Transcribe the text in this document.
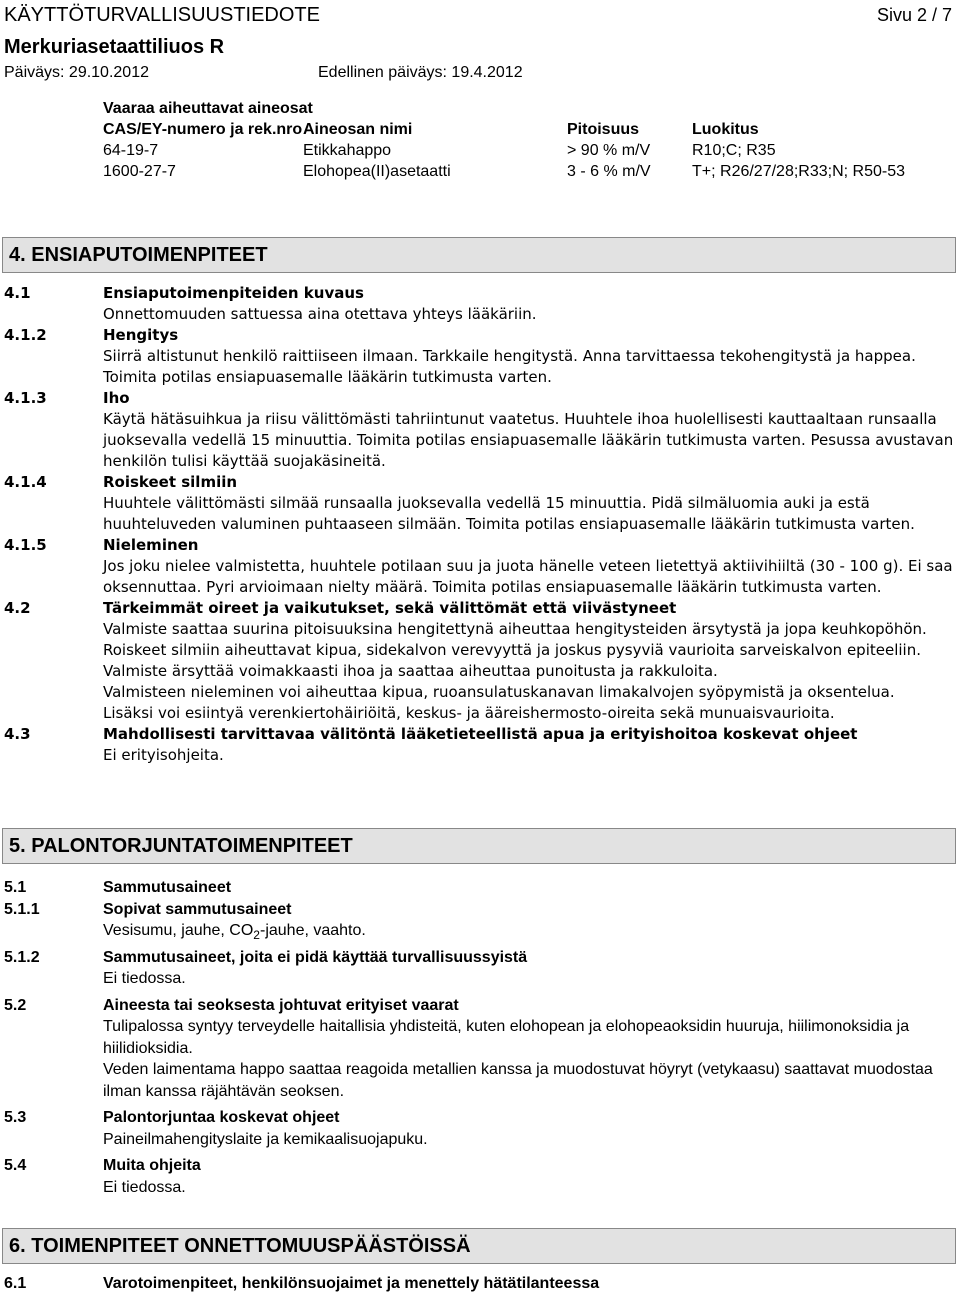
KÄYTTÖTURVALLISUUSTIEDOTE	Sivu 2 / 7
Merkuriasetaattiliuos R
Päiväys: 29.10.2012	Edellinen päiväys: 19.4.2012
Vaaraa aiheuttavat aineosat
CAS/EY-numero ja rek.nro	Aineosan nimi	Pitoisuus	Luokitus
64-19-7	Etikkahappo	> 90 % m/V	R10;C; R35
1600-27-7	Elohopea(II)asetaatti	3 - 6 % m/V	T+; R26/27/28;R33;N; R50-53
4. ENSIAPUTOIMENPITEET
4.1	Ensiaputoimenpiteiden kuvaus
Onnettomuuden sattuessa aina otettava yhteys lääkäriin.
4.1.2	Hengitys
Siirrä altistunut henkilö raittiiseen ilmaan. Tarkkaile hengitystä. Anna tarvittaessa tekohengitystä ja happea. Toimita potilas ensiapuasemalle lääkärin tutkimusta varten.
4.1.3	Iho
Käytä hätäsuihkua ja riisu välittömästi tahriintunut vaatetus. Huuhtele ihoa huolellisesti kauttaaltaan runsaalla juoksevalla vedellä 15 minuuttia. Toimita potilas ensiapuasemalle lääkärin tutkimusta varten. Pesussa avustavan henkilön tulisi käyttää suojakäsineitä.
4.1.4	Roiskeet silmiin
Huuhtele välittömästi silmää runsaalla juoksevalla vedellä 15 minuuttia. Pidä silmäluomia auki ja estä huuhteluveden valuminen puhtaaseen silmään. Toimita potilas ensiapuasemalle lääkärin tutkimusta varten.
4.1.5	Nieleminen
Jos joku nielee valmistetta, huuhtele potilaan suu ja juota hänelle veteen lietettyä aktiivihiiltä (30 - 100 g). Ei saa oksennuttaa. Pyri arvioimaan nielty määrä. Toimita potilas ensiapuasemalle lääkärin tutkimusta varten.
4.2	Tärkeimmät oireet ja vaikutukset, sekä välittömät että viivästyneet
Valmiste saattaa suurina pitoisuuksina hengitettynä aiheuttaa hengitysteiden ärsytystä ja jopa keuhkopöhön.
Roiskeet silmiin aiheuttavat kipua, sidekalvon verevyyttä ja joskus pysyviä vaurioita sarveiskalvon epiteeliin.
Valmiste ärsyttää voimakkaasti ihoa ja saattaa aiheuttaa punoitusta ja rakkuloita.
Valmisteen nieleminen voi aiheuttaa kipua, ruoansulatuskanavan limakalvojen syöpymistä ja oksentelua.
Lisäksi voi esiintyä verenkiertohäiriöitä, keskus- ja ääreishermosto-oireita sekä munuaisvaurioita.
4.3	Mahdollisesti tarvittavaa välitöntä lääketieteellistä apua ja erityishoitoa koskevat ohjeet
Ei erityisohjeita.
5. PALONTORJUNTATOIMENPITEET
5.1	Sammutusaineet
5.1.1	Sopivat sammutusaineet
Vesisumu, jauhe, $CO_2$-jauhe, vaahto.
5.1.2	Sammutusaineet, joita ei pidä käyttää turvallisuussyistä
Ei tiedossa.
5.2	Aineesta tai seoksesta johtuvat erityiset vaarat
Tulipalossa syntyy terveydelle haitallisia yhdisteitä, kuten elohopean ja elohopeaoksidin huuruja, hiilimonoksidia ja hiilidioksidia.
Veden laimentama happo saattaa reagoida metallien kanssa ja muodostuvat höyryt (vetykaasu) saattavat muodostaa ilman kanssa räjähtävän seoksen.
5.3	Palontorjuntaa koskevat ohjeet
Paineilmahengityslaite ja kemikaalisuojapuku.
5.4	Muita ohjeita
Ei tiedossa.
6. TOIMENPITEET ONNETTOMUUSPÄÄSTÖISSÄ
6.1	Varotoimenpiteet, henkilönsuojaimet ja menettely hätätilanteessa
